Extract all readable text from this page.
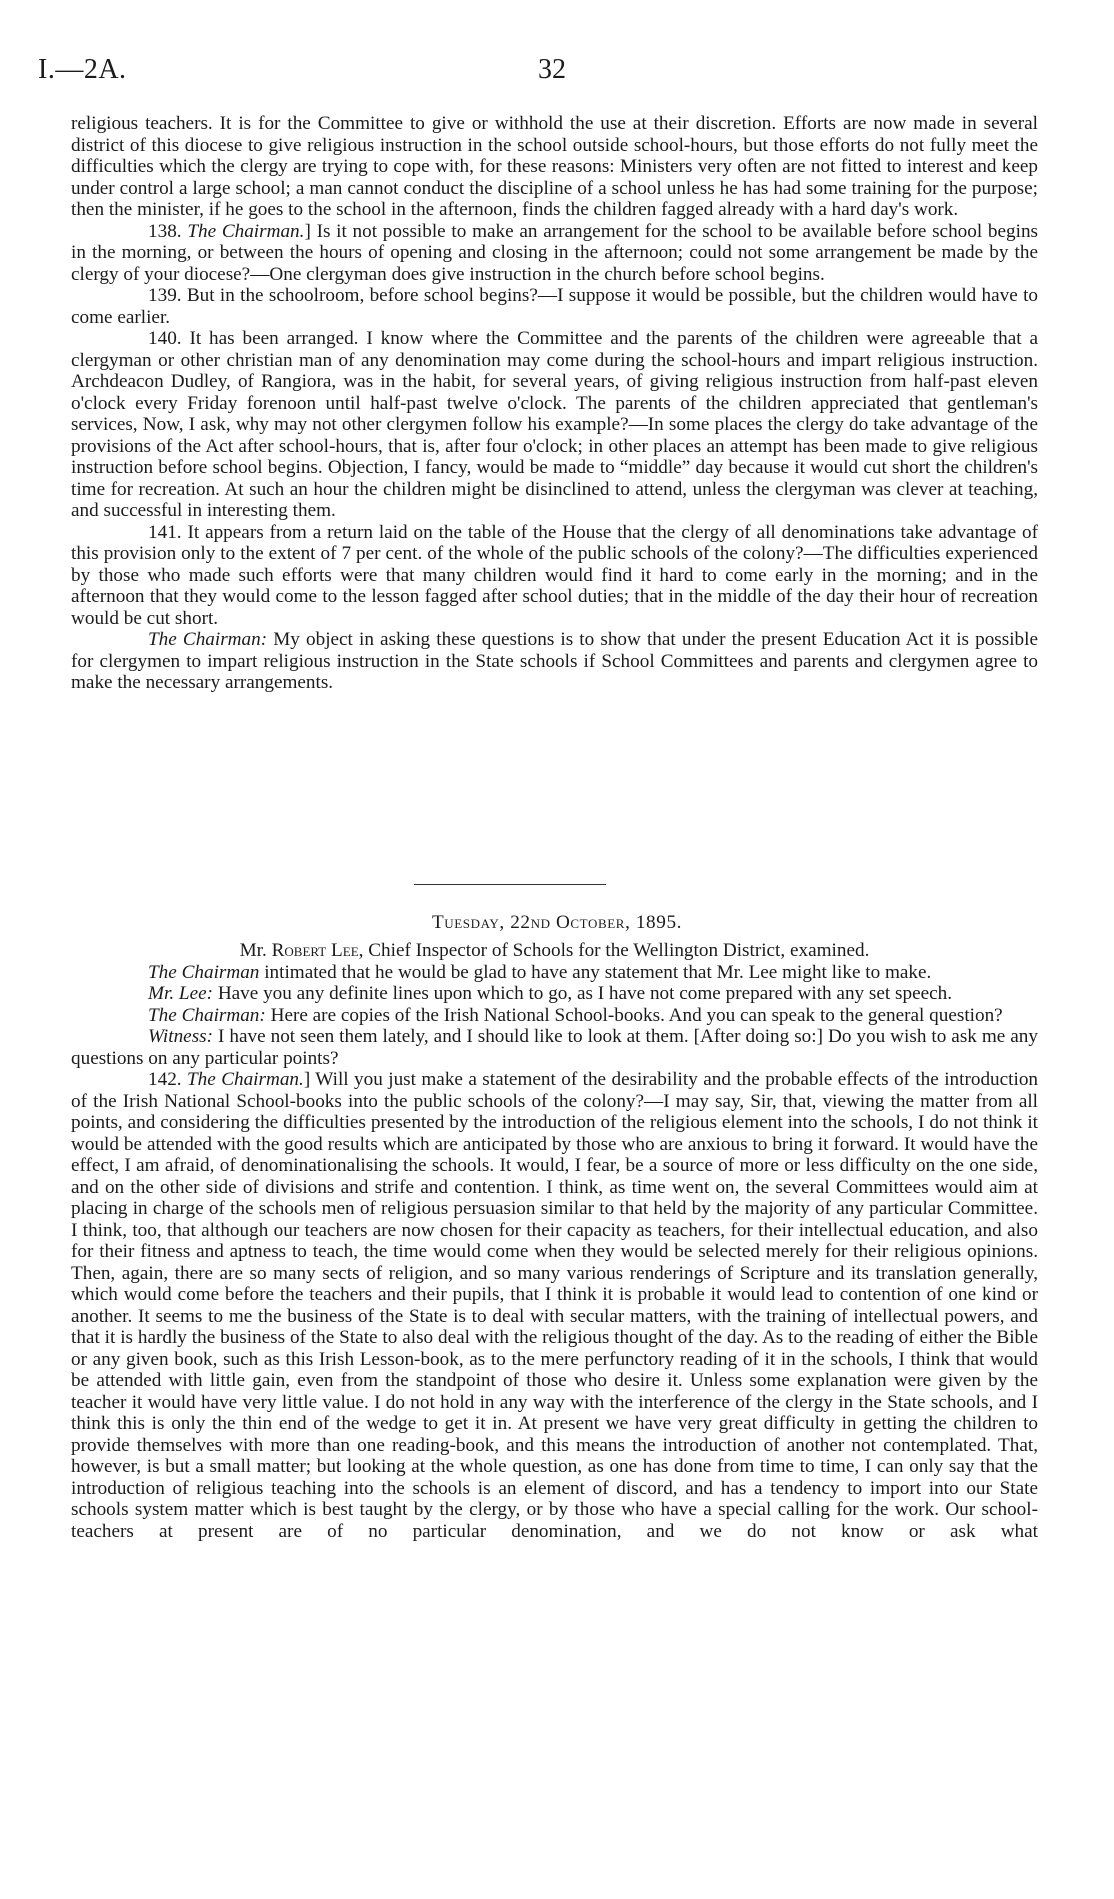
I.—2A.	32

religious teachers. It is for the Committee to give or withhold the use at their discretion. Efforts are now made in several district of this diocese to give religious instruction in the school outside school-hours, but those efforts do not fully meet the difficulties which the clergy are trying to cope with, for these reasons: Ministers very often are not fitted to interest and keep under control a large school; a man cannot conduct the discipline of a school unless he has had some training for the purpose; then the minister, if he goes to the school in the afternoon, finds the children fagged already with a hard day's work.

138. The Chairman.] Is it not possible to make an arrangement for the school to be available before school begins in the morning, or between the hours of opening and closing in the afternoon; could not some arrangement be made by the clergy of your diocese?—One clergyman does give instruction in the church before school begins.

139. But in the schoolroom, before school begins?—I suppose it would be possible, but the children would have to come earlier.

140. It has been arranged. I know where the Committee and the parents of the children were agreeable that a clergyman or other christian man of any denomination may come during the school-hours and impart religious instruction. Archdeacon Dudley, of Rangiora, was in the habit, for several years, of giving religious instruction from half-past eleven o'clock every Friday forenoon until half-past twelve o'clock. The parents of the children appreciated that gentleman's services, Now, I ask, why may not other clergymen follow his example?—In some places the clergy do take advantage of the provisions of the Act after school-hours, that is, after four o'clock; in other places an attempt has been made to give religious instruction before school begins. Objection, I fancy, would be made to “middle” day because it would cut short the children's time for recreation. At such an hour the children might be disinclined to attend, unless the clergyman was clever at teaching, and successful in interesting them.

141. It appears from a return laid on the table of the House that the clergy of all denominations take advantage of this provision only to the extent of 7 per cent. of the whole of the public schools of the colony?—The difficulties experienced by those who made such efforts were that many children would find it hard to come early in the morning; and in the afternoon that they would come to the lesson fagged after school duties; that in the middle of the day their hour of recreation would be cut short.

The Chairman: My object in asking these questions is to show that under the present Education Act it is possible for clergymen to impart religious instruction in the State schools if School Committees and parents and clergymen agree to make the necessary arrangements.

Tuesday, 22nd October, 1895.

Mr. Robert Lee, Chief Inspector of Schools for the Wellington District, examined.

The Chairman intimated that he would be glad to have any statement that Mr. Lee might like to make.

Mr. Lee: Have you any definite lines upon which to go, as I have not come prepared with any set speech.

The Chairman: Here are copies of the Irish National School-books. And you can speak to the general question?

Witness: I have not seen them lately, and I should like to look at them. [After doing so:] Do you wish to ask me any questions on any particular points?

142. The Chairman.] Will you just make a statement of the desirability and the probable effects of the introduction of the Irish National School-books into the public schools of the colony?—I may say, Sir, that, viewing the matter from all points, and considering the difficulties presented by the introduction of the religious element into the schools, I do not think it would be attended with the good results which are anticipated by those who are anxious to bring it forward. It would have the effect, I am afraid, of denominationalising the schools. It would, I fear, be a source of more or less difficulty on the one side, and on the other side of divisions and strife and contention. I think, as time went on, the several Committees would aim at placing in charge of the schools men of religious persuasion similar to that held by the majority of any particular Committee. I think, too, that although our teachers are now chosen for their capacity as teachers, for their intellectual education, and also for their fitness and aptness to teach, the time would come when they would be selected merely for their religious opinions. Then, again, there are so many sects of religion, and so many various renderings of Scripture and its translation generally, which would come before the teachers and their pupils, that I think it is probable it would lead to contention of one kind or another. It seems to me the business of the State is to deal with secular matters, with the training of intellectual powers, and that it is hardly the business of the State to also deal with the religious thought of the day. As to the reading of either the Bible or any given book, such as this Irish Lesson-book, as to the mere perfunctory reading of it in the schools, I think that would be attended with little gain, even from the standpoint of those who desire it. Unless some explanation were given by the teacher it would have very little value. I do not hold in any way with the interference of the clergy in the State schools, and I think this is only the thin end of the wedge to get it in. At present we have very great difficulty in getting the children to provide themselves with more than one reading-book, and this means the introduction of another not contemplated. That, however, is but a small matter; but looking at the whole question, as one has done from time to time, I can only say that the introduction of religious teaching into the schools is an element of discord, and has a tendency to import into our State schools system matter which is best taught by the clergy, or by those who have a special calling for the work. Our school-teachers at present are of no particular denomination, and we do not know or ask what
